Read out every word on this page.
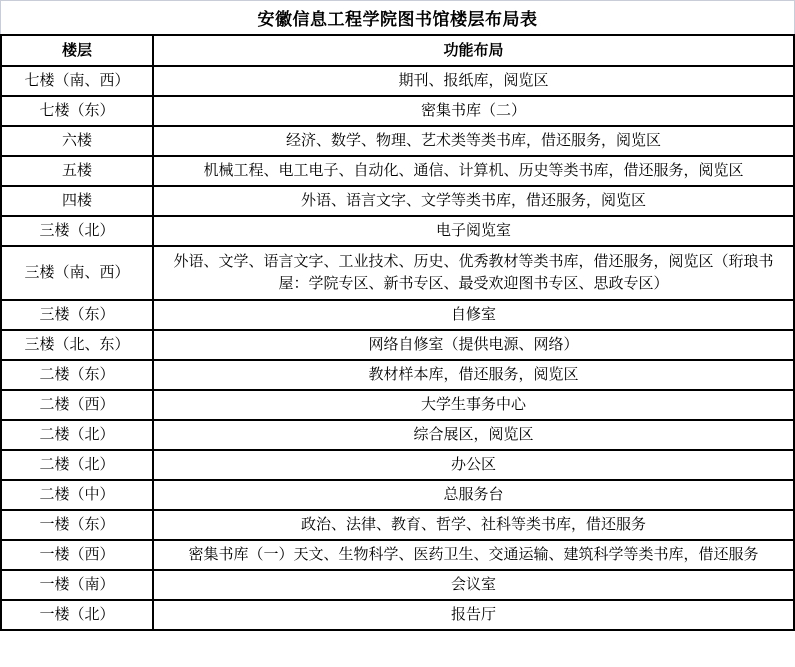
安徽信息工程学院图书馆楼层布局表
楼层	功能布局
七楼（南、西）	期刊、报纸库，阅览区
七楼（东）	密集书库（二）
六楼	经济、数学、物理、艺术类等类书库，借还服务，阅览区
五楼	机械工程、电工电子、自动化、通信、计算机、历史等类书库，借还服务，阅览区
四楼	外语、语言文字、文学等类书库，借还服务，阅览区
三楼（北）	电子阅览室
三楼（南、西）	外语、文学、语言文字、工业技术、历史、优秀教材等类书库，借还服务，阅览区（珩琅书屋：学院专区、新书专区、最受欢迎图书专区、思政专区）
三楼（东）	自修室
三楼（北、东）	网络自修室（提供电源、网络）
二楼（东）	教材样本库，借还服务，阅览区
二楼（西）	大学生事务中心
二楼（北）	综合展区，阅览区
二楼（北）	办公区
二楼（中）	总服务台
一楼（东）	政治、法律、教育、哲学、社科等类书库，借还服务
一楼（西）	密集书库（一）天文、生物科学、医药卫生、交通运输、建筑科学等类书库，借还服务
一楼（南）	会议室
一楼（北）	报告厅
